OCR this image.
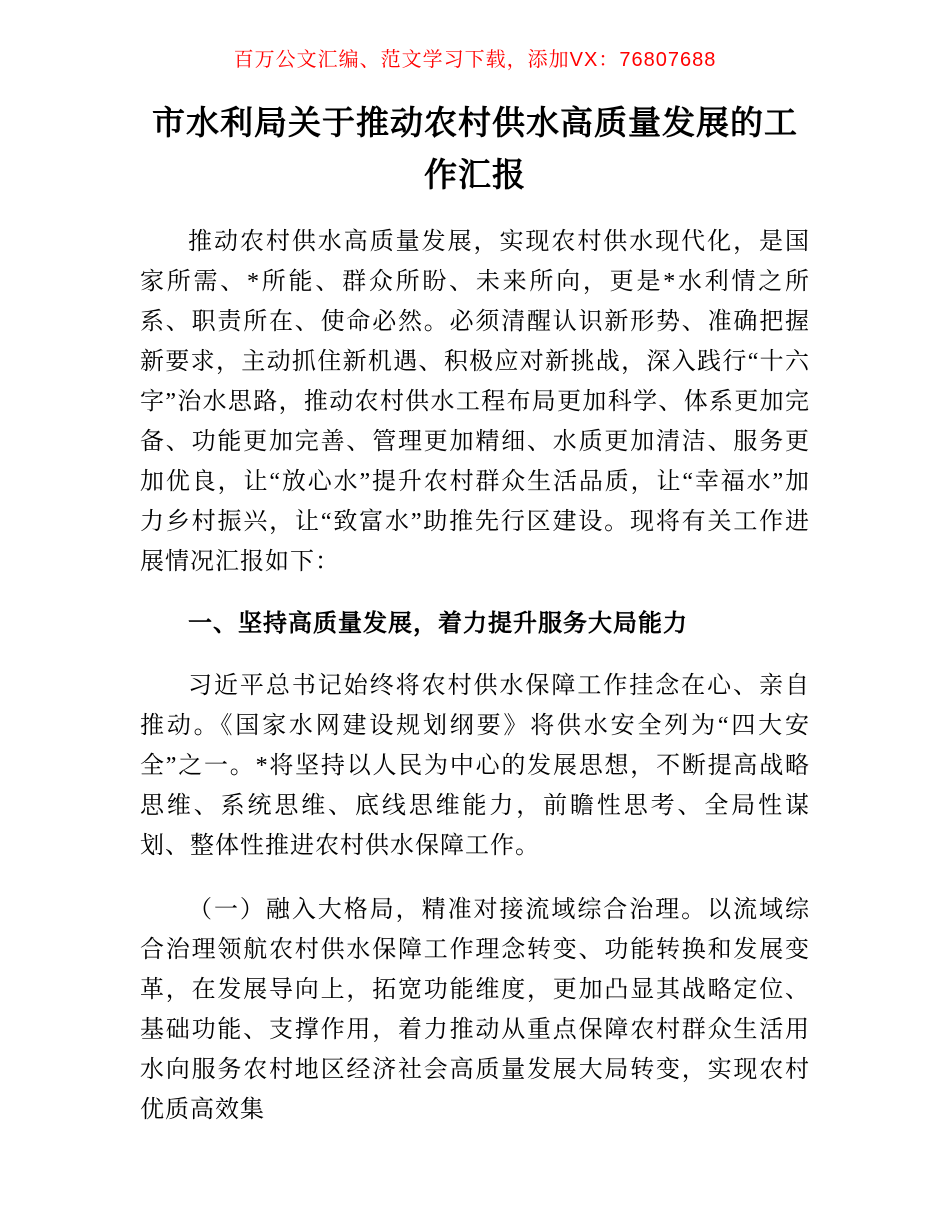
百万公文汇编、范文学习下载，添加VX：76807688
市水利局关于推动农村供水高质量发展的工作汇报

推动农村供水高质量发展，实现农村供水现代化，是国家所需、*所能、群众所盼、未来所向，更是*水利情之所系、职责所在、使命必然。必须清醒认识新形势、准确把握新要求，主动抓住新机遇、积极应对新挑战，深入践行“十六字”治水思路，推动农村供水工程布局更加科学、体系更加完备、功能更加完善、管理更加精细、水质更加清洁、服务更加优良，让“放心水”提升农村群众生活品质，让“幸福水”加力乡村振兴，让“致富水”助推先行区建设。现将有关工作进展情况汇报如下：

一、坚持高质量发展，着力提升服务大局能力

习近平总书记始终将农村供水保障工作挂念在心、亲自推动。《国家水网建设规划纲要》将供水安全列为“四大安全”之一。*将坚持以人民为中心的发展思想，不断提高战略思维、系统思维、底线思维能力，前瞻性思考、全局性谋划、整体性推进农村供水保障工作。

（一）融入大格局，精准对接流域综合治理。以流域综合治理领航农村供水保障工作理念转变、功能转换和发展变革，在发展导向上，拓宽功能维度，更加凸显其战略定位、基础功能、支撑作用，着力推动从重点保障农村群众生活用水向服务农村地区经济社会高质量发展大局转变，实现农村优质高效集
